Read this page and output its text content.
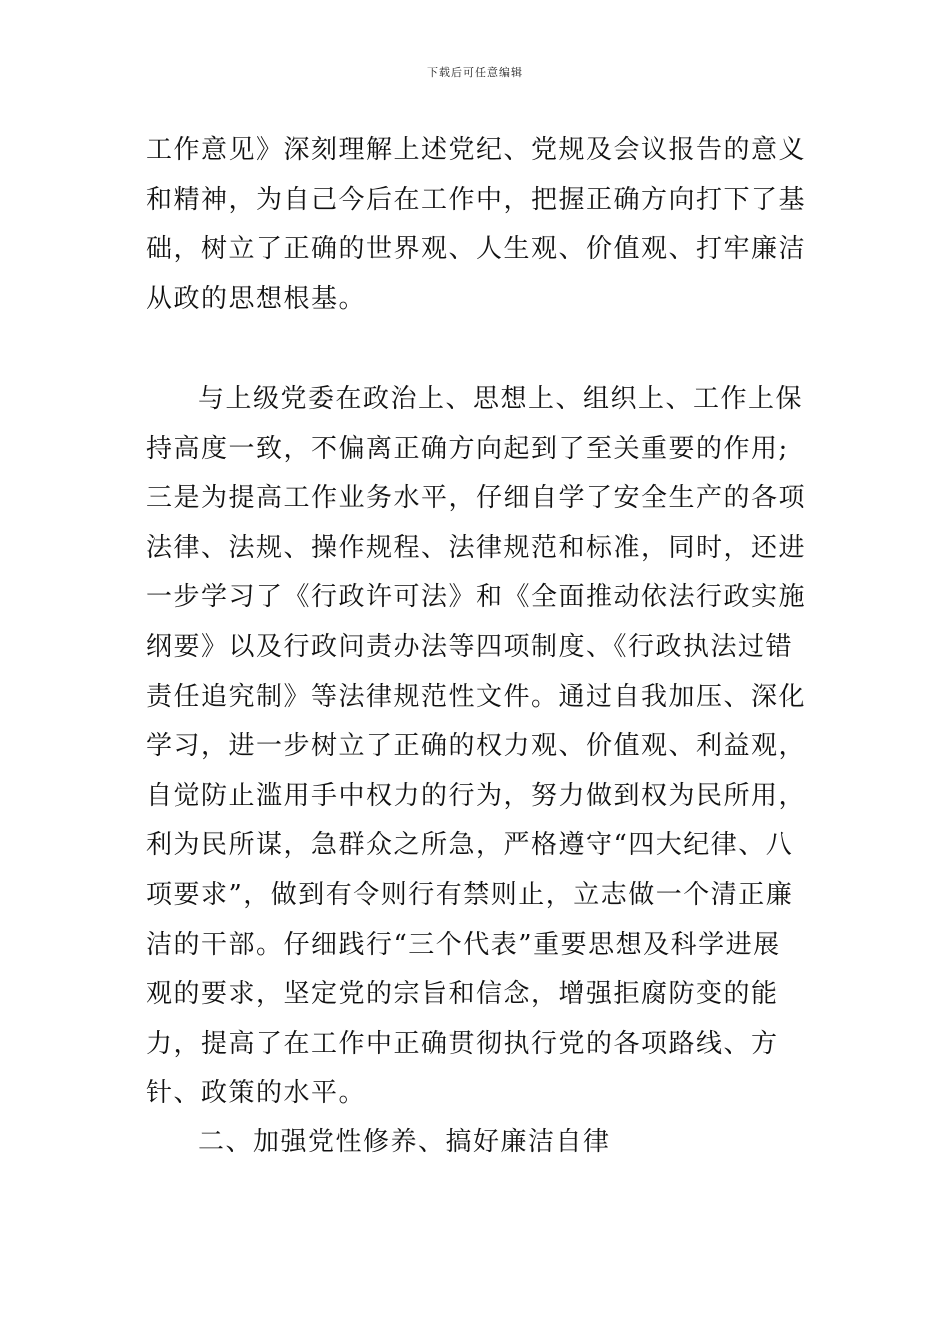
下载后可任意编辑

工作意见》深刻理解上述党纪、党规及会议报告的意义和精神，为自己今后在工作中，把握正确方向打下了基础，树立了正确的世界观、人生观、价值观、打牢廉洁从政的思想根基。

与上级党委在政治上、思想上、组织上、工作上保持高度一致，不偏离正确方向起到了至关重要的作用;三是为提高工作业务水平，仔细自学了安全生产的各项法律、法规、操作规程、法律规范和标准，同时，还进一步学习了《行政许可法》和《全面推动依法行政实施纲要》以及行政问责办法等四项制度、《行政执法过错责任追究制》等法律规范性文件。通过自我加压、深化学习，进一步树立了正确的权力观、价值观、利益观，自觉防止滥用手中权力的行为，努力做到权为民所用，利为民所谋，急群众之所急，严格遵守“四大纪律、八项要求”，做到有令则行有禁则止，立志做一个清正廉洁的干部。仔细践行“三个代表”重要思想及科学进展观的要求，坚定党的宗旨和信念，增强拒腐防变的能力，提高了在工作中正确贯彻执行党的各项路线、方针、政策的水平。

二、加强党性修养、搞好廉洁自律
